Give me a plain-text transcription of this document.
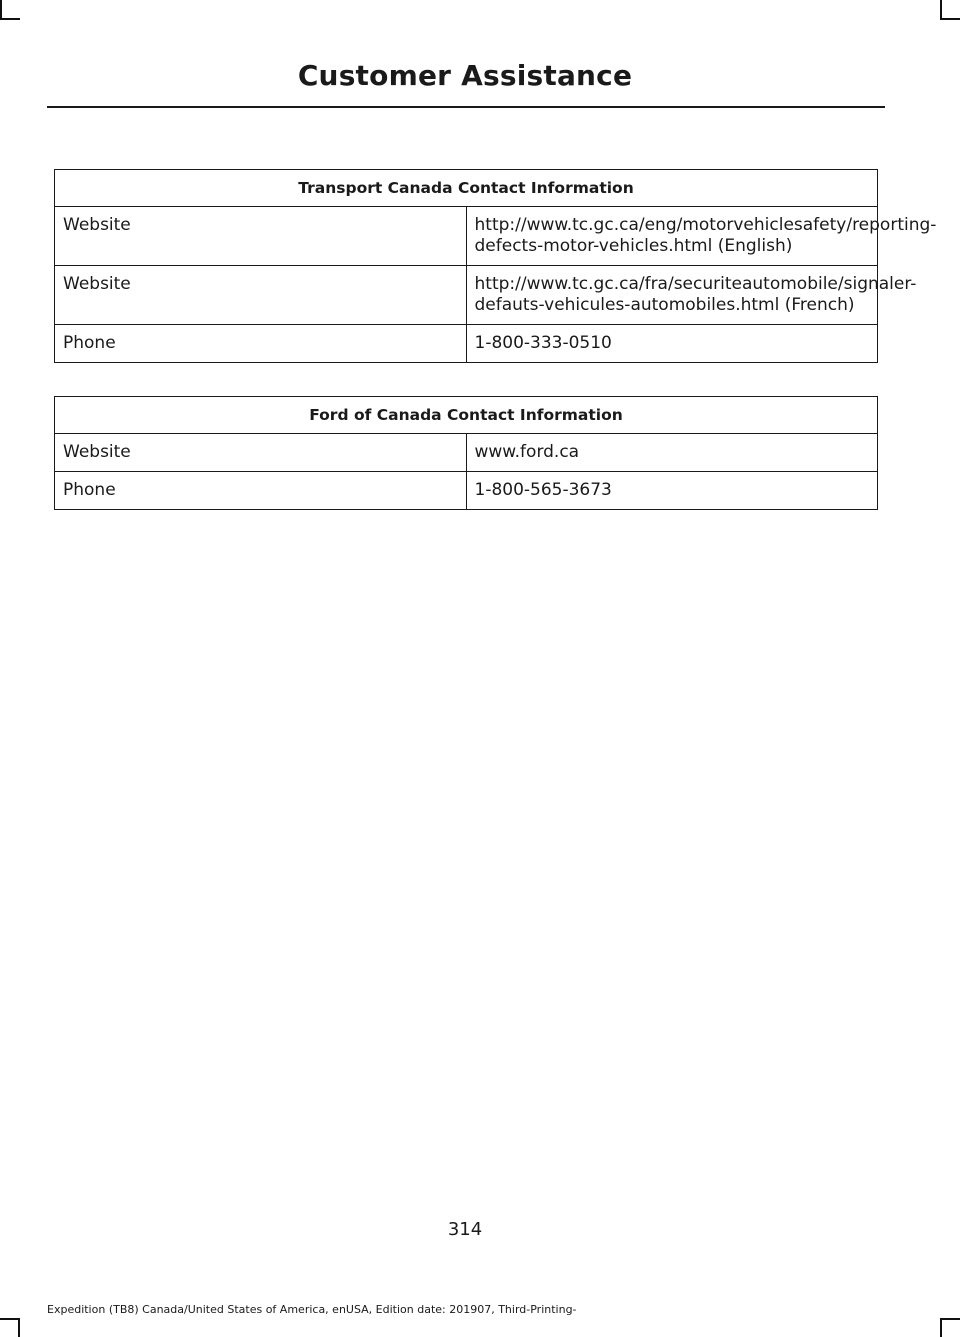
Customer Assistance
Transport Canada Contact Information	
Website	http://www.tc.gc.ca/eng/motorvehiclesafety/reporting-defects-motor-vehicles.html (English)
Website	http://www.tc.gc.ca/fra/securiteautomobile/signaler-defauts-vehicules-automobiles.html (French)
Phone	1-800-333-0510
Ford of Canada Contact Information	
Website	www.ford.ca
Phone	1-800-565-3673
314
Expedition (TB8) Canada/United States of America, enUSA, Edition date: 201907, Third-Printing-
